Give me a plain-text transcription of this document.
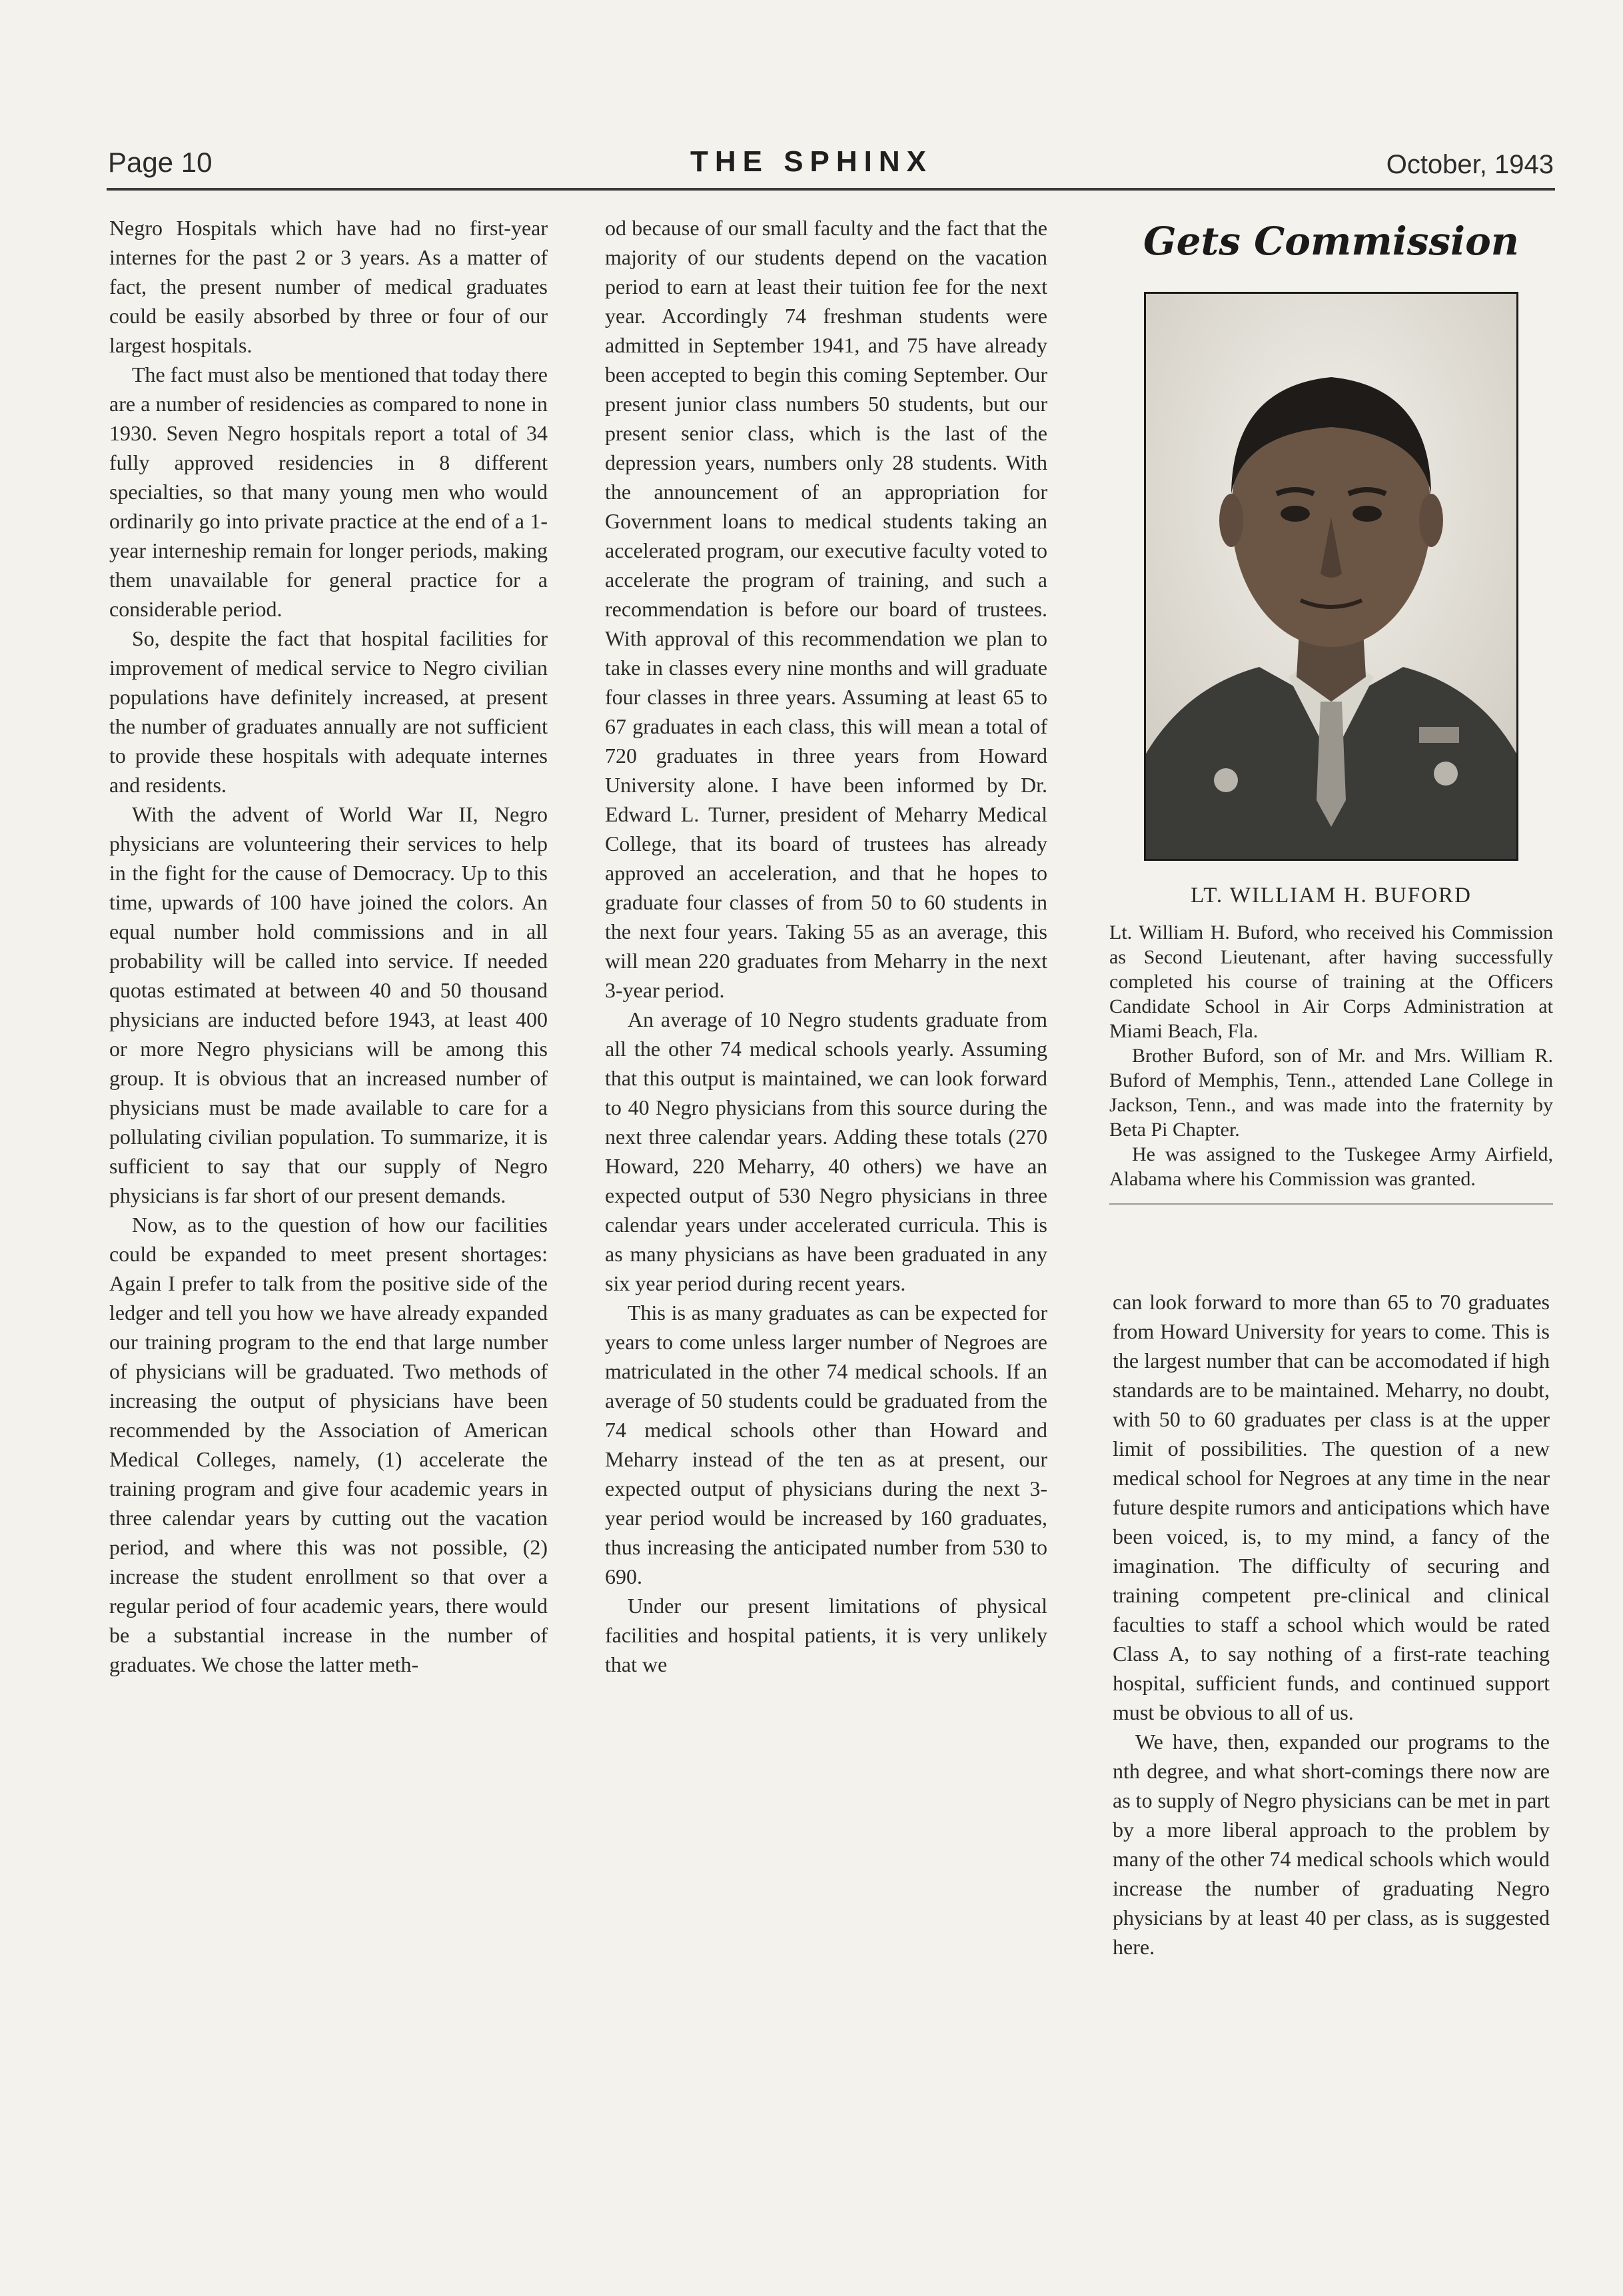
Page 10	THE SPHINX	October, 1943

Negro Hospitals which have had no first-year internes for the past 2 or 3 years. As a matter of fact, the present number of medical graduates could be easily absorbed by three or four of our largest hospitals.

The fact must also be mentioned that today there are a number of residencies as compared to none in 1930. Seven Negro hospitals report a total of 34 fully approved residencies in 8 different specialties, so that many young men who would ordinarily go into private practice at the end of a 1-year interneship remain for longer periods, making them unavailable for general practice for a considerable period.

So, despite the fact that hospital facilities for improvement of medical service to Negro civilian populations have definitely increased, at present the number of graduates annually are not sufficient to provide these hospitals with adequate internes and residents.

With the advent of World War II, Negro physicians are volunteering their services to help in the fight for the cause of Democracy. Up to this time, upwards of 100 have joined the colors. An equal number hold commissions and in all probability will be called into service. If needed quotas estimated at between 40 and 50 thousand physicians are inducted before 1943, at least 400 or more Negro physicians will be among this group. It is obvious that an increased number of physicians must be made available to care for a pollulating civilian population. To summarize, it is sufficient to say that our supply of Negro physicians is far short of our present demands.

Now, as to the question of how our facilities could be expanded to meet present shortages: Again I prefer to talk from the positive side of the ledger and tell you how we have already expanded our training program to the end that large number of physicians will be graduated. Two methods of increasing the output of physicians have been recommended by the Association of American Medical Colleges, namely, (1) accelerate the training program and give four academic years in three calendar years by cutting out the vacation period, and where this was not possible, (2) increase the student enrollment so that over a regular period of four academic years, there would be a substantial increase in the number of graduates. We chose the latter meth-

od because of our small faculty and the fact that the majority of our students depend on the vacation period to earn at least their tuition fee for the next year. Accordingly 74 freshman students were admitted in September 1941, and 75 have already been accepted to begin this coming September. Our present junior class numbers 50 students, but our present senior class, which is the last of the depression years, numbers only 28 students. With the announcement of an appropriation for Government loans to medical students taking an accelerated program, our executive faculty voted to accelerate the program of training, and such a recommendation is before our board of trustees. With approval of this recommendation we plan to take in classes every nine months and will graduate four classes in three years. Assuming at least 65 to 67 graduates in each class, this will mean a total of 720 graduates in three years from Howard University alone. I have been informed by Dr. Edward L. Turner, president of Meharry Medical College, that its board of trustees has already approved an acceleration, and that he hopes to graduate four classes of from 50 to 60 students in the next four years. Taking 55 as an average, this will mean 220 graduates from Meharry in the next 3-year period.

An average of 10 Negro students graduate from all the other 74 medical schools yearly. Assuming that this output is maintained, we can look forward to 40 Negro physicians from this source during the next three calendar years. Adding these totals (270 Howard, 220 Meharry, 40 others) we have an expected output of 530 Negro physicians in three calendar years under accelerated curricula. This is as many physicians as have been graduated in any six year period during recent years.

This is as many graduates as can be expected for years to come unless larger number of Negroes are matriculated in the other 74 medical schools. If an average of 50 students could be graduated from the 74 medical schools other than Howard and Meharry instead of the ten as at present, our expected output of physicians during the next 3-year period would be increased by 160 graduates, thus increasing the anticipated number from 530 to 690.

Under our present limitations of physical facilities and hospital patients, it is very unlikely that we

Gets Commission
LT. WILLIAM H. BUFORD

Lt. William H. Buford, who received his Commission as Second Lieutenant, after having successfully completed his course of training at the Officers Candidate School in Air Corps Administration at Miami Beach, Fla.

Brother Buford, son of Mr. and Mrs. William R. Buford of Memphis, Tenn., attended Lane College in Jackson, Tenn., and was made into the fraternity by Beta Pi Chapter.

He was assigned to the Tuskegee Army Airfield, Alabama where his Commission was granted.

can look forward to more than 65 to 70 graduates from Howard University for years to come. This is the largest number that can be accomodated if high standards are to be maintained. Meharry, no doubt, with 50 to 60 graduates per class is at the upper limit of possibilities. The question of a new medical school for Negroes at any time in the near future despite rumors and anticipations which have been voiced, is, to my mind, a fancy of the imagination. The difficulty of securing and training competent pre-clinical and clinical faculties to staff a school which would be rated Class A, to say nothing of a first-rate teaching hospital, sufficient funds, and continued support must be obvious to all of us.

We have, then, expanded our programs to the nth degree, and what short-comings there now are as to supply of Negro physicians can be met in part by a more liberal approach to the problem by many of the other 74 medical schools which would increase the number of graduating Negro physicians by at least 40 per class, as is suggested here.
